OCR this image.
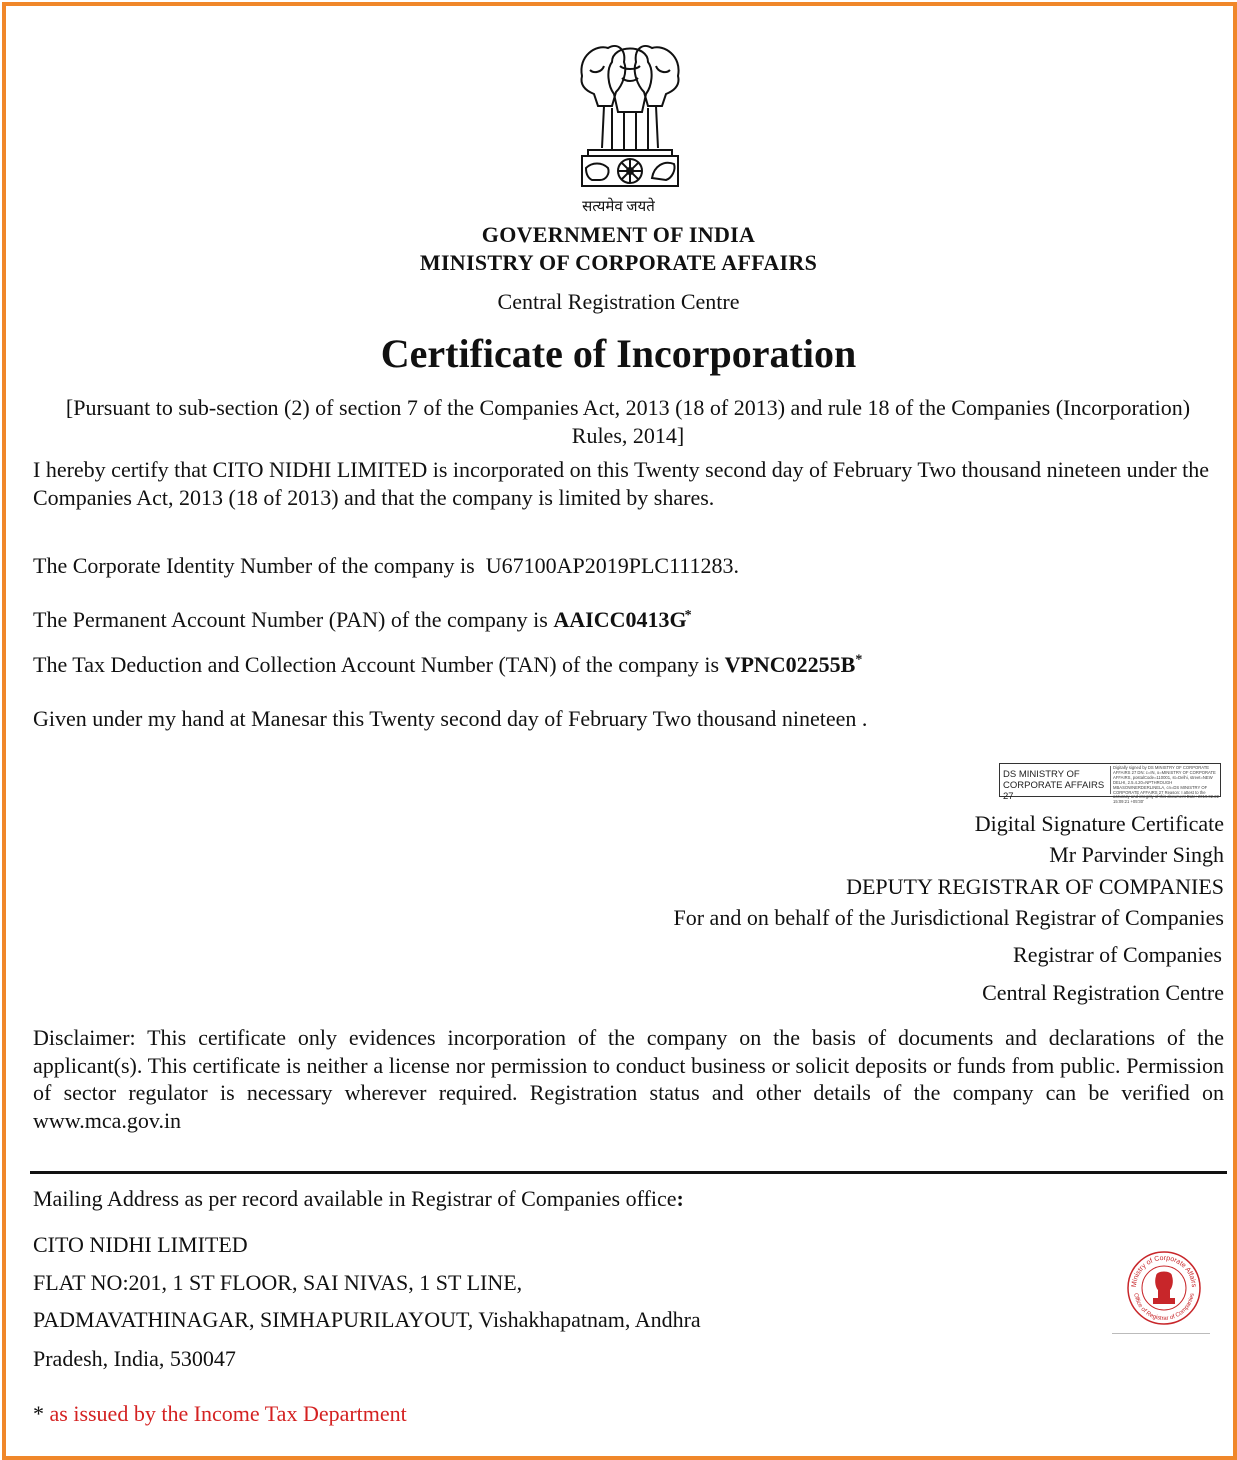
सत्यमेव जयते
GOVERNMENT OF INDIA
MINISTRY OF CORPORATE AFFAIRS
Central Registration Centre
Certificate of Incorporation
[Pursuant to sub-section (2) of section 7 of the Companies Act, 2013 (18 of 2013) and rule 18 of the Companies (Incorporation) Rules, 2014]
I hereby certify that CITO NIDHI LIMITED is incorporated on this Twenty second day of February Two thousand nineteen under the Companies Act, 2013 (18 of 2013) and that the company is limited by shares.
The Corporate Identity Number of the company is U67100AP2019PLC111283.
The Permanent Account Number (PAN) of the company is AAICC0413G*
The Tax Deduction and Collection Account Number (TAN) of the company is VPNC02255B*
Given under my hand at Manesar this Twenty second day of February Two thousand nineteen .
DS MINISTRY OF CORPORATE AFFAIRS 27
Digitally signed by DS MINISTRY OF CORPORATE AFFAIRS 27 DN: c=IN, o=MINISTRY OF CORPORATE AFFAIRS, postalCode=110001, st=Delhi, street=NEW DELHI, 2.5.4.20=NPTHROUGH MBASOWNERDERLINELA, cn=DS MINISTRY OF CORPORATE AFFAIRS 27 Reason: I attest to the accuracy and integrity of this document Date: 2019.02.22 15:09:21 +05'30'
Digital Signature Certificate
Mr Parvinder Singh
DEPUTY REGISTRAR OF COMPANIES
For and on behalf of the Jurisdictional Registrar of Companies
Registrar of Companies
Central Registration Centre
Disclaimer: This certificate only evidences incorporation of the company on the basis of documents and declarations of the applicant(s). This certificate is neither a license nor permission to conduct business or solicit deposits or funds from public. Permission of sector regulator is necessary wherever required. Registration status and other details of the company can be verified on www.mca.gov.in
Mailing Address as per record available in Registrar of Companies office:
CITO NIDHI LIMITED
FLAT NO:201, 1 ST FLOOR, SAI NIVAS, 1 ST LINE,
PADMAVATHINAGAR, SIMHAPURILAYOUT, Vishakhapatnam, Andhra
Pradesh, India, 530047
Ministry of Corporate Affairs
Office of Registrar of Companies
* as issued by the Income Tax Department
